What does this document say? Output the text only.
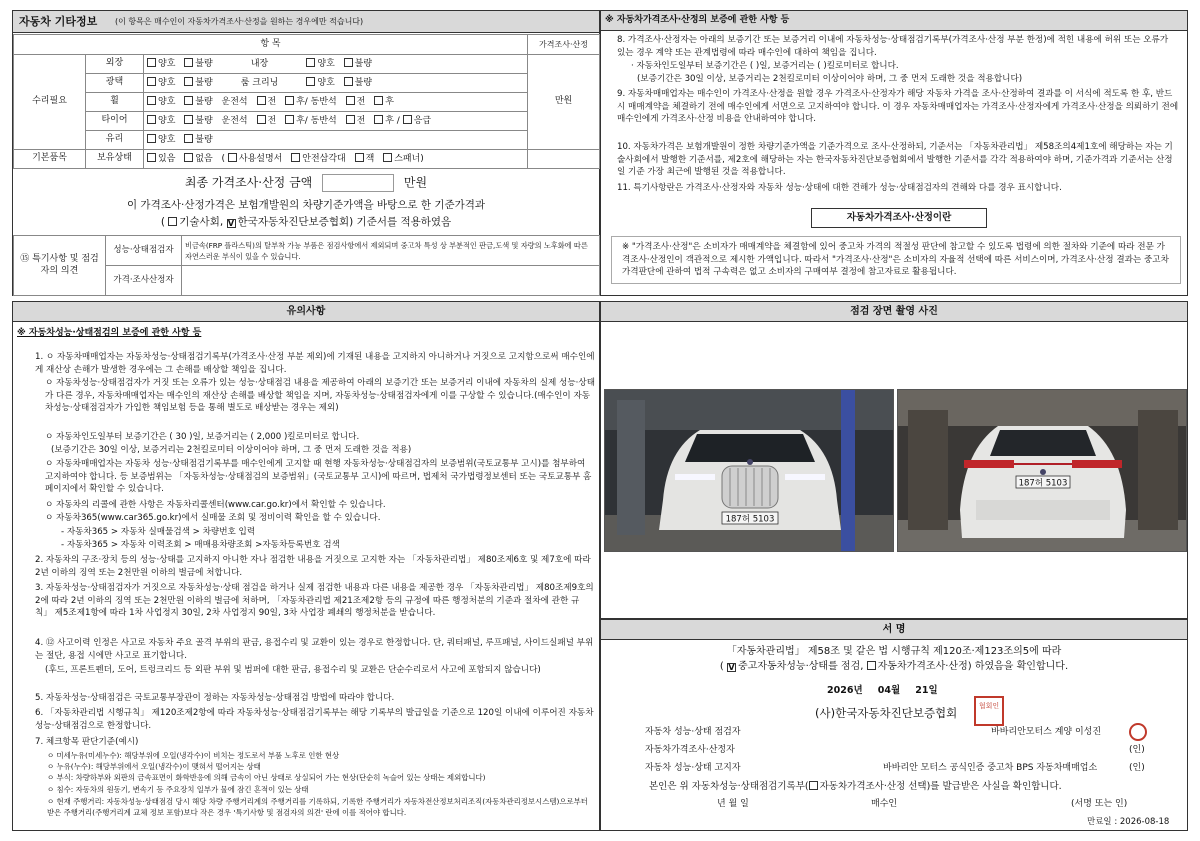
자동차 기타정보 (이 항목은 매수인이 자동차가격조사·산정을 원하는 경우에만 적습니다)
항 목			가격조사·산정
수리필요	외장	양호 불량 내장 양호 불량	만원
	광택	양호 불량 룸 크리닝 양호 불량	
	휠	양호 불량 운전석 전 후/ 동반석 전 후	
	타이어	양호 불량 운전석 전 후/ 동반석 전 후 / 응급	
	유리	양호 불량	
기본품목	보유상태	있음 없음 ( 사용설명서 안전삼각대 잭 스패너)	
최종 가격조사·산정 금액	만원
이 가격조사·산정가격은 보험개발원의 차량기준가액을 바탕으로 한 기준가격과
( 기술사회, V 한국자동차진단보증협회) 기준서를 적용하였음
⑮ 특기사항 및 점검자의 의견	성능·상태점검자	비금속(FRP 플라스틱)의 탈부착 가능 부품은 점검사항에서 제외되며 중고차 특성 상 부분적인 판금,도색 및 자량의 노후화에 따른 자연스러운 부식이 있을 수 있습니다.
	가격·조사산정자	
※ 자동차가격조사·산정의 보증에 관한 사항 등
8. 가격조사·산정자는 아래의 보증기간 또는 보증거리 이내에 자동차성능·상태점검기록부(가격조사·산정 부분 한정)에 적힌 내용에 허위 또는 오류가 있는 경우 계약 또는 관계법령에 따라 매수인에 대하여 책임을 집니다.
· 자동차인도일부터 보증기간은 ( )일, 보증거리는 ( )킬로미터로 합니다.
(보증기간은 30일 이상, 보증거리는 2천킬로미터 이상이어야 하며, 그 중 먼저 도래한 것을 적용합니다)
9. 자동차매매업자는 매수인이 가격조사·산정을 원할 경우 가격조사·산정자가 해당 자동차 가격을 조사·산정하여 결과를 이 서식에 적도록 한 후, 반드시 매매계약을 체결하기 전에 매수인에게 서면으로 고지하여야 합니다. 이 경우 자동차매매업자는 가격조사·산정자에게 가격조사·산정을 의뢰하기 전에 매수인에게 가격조사·산정 비용을 안내하여야 합니다.
10. 자동차가격은 보험개발원이 정한 차량기준가액을 기준가격으로 조사·산정하되, 기준서는 「자동차관리법」 제58조의4제1호에 해당하는 자는 기술사회에서 발행한 기준서를, 제2호에 해당하는 자는 한국자동차진단보증협회에서 발행한 기준서를 각각 적용하여야 하며, 기준가격과 기준서는 산정일 기준 가장 최근에 발행된 것을 적용합니다.
11. 특기사항란은 가격조사·산정자와 자동차 성능·상태에 대한 견해가 성능·상태점검자의 견해와 다를 경우 표시합니다.
자동차가격조사·산정이란
※ "가격조사·산정"은 소비자가 매매계약을 체결함에 있어 중고차 가격의 적절성 판단에 참고할 수 있도록 법령에 의한 절차와 기준에 따라 전문 가격조사·산정인이 객관적으로 제시한 가액입니다. 따라서 "가격조사·산정"은 소비자의 자율적 선택에 따른 서비스이며, 가격조사·산정 결과는 중고차 가격판단에 관하여 법적 구속력은 없고 소비자의 구매여부 결정에 참고자료로 활용됩니다.
유의사항
※ 자동차성능·상태점검의 보증에 관한 사항 등
1. ㅇ 자동차매매업자는 자동차성능·상태점검기록부(가격조사·산정 부분 제외)에 기재된 내용을 고지하지 아니하거나 거짓으로 고지함으로써 매수인에게 재산상 손해가 발생한 경우에는 그 손해를 배상할 책임을 집니다.
ㅇ 자동차성능·상태점검자가 거짓 또는 오류가 있는 성능·상태점검 내용을 제공하여 아래의 보증기간 또는 보증거리 이내에 자동차의 실제 성능·상태가 다른 경우, 자동차매매업자는 매수인의 재산상 손해를 배상할 책임을 지며, 자동차성능·상태점검자에게 이를 구상할 수 있습니다.(매수인이 자동차성능·상태점검자가 가입한 책임보험 등을 통해 별도로 배상받는 경우는 제외)
ㅇ 자동차인도일부터 보증기간은 ( 30 )일, 보증거리는 ( 2,000 )킬로미터로 합니다.
(보증기간은 30일 이상, 보증거리는 2천킬로미터 이상이어야 하며, 그 중 먼저 도래한 것을 적용)
ㅇ 자동차매매업자는 자동차 성능·상태점검기록부를 매수인에게 고지할 때 현행 자동차성능·상태점검자의 보증범위(국토교통부 고시)를 첨부하여 고지하여야 합니다. 등 보증범위는 「자동차성능·상태점검의 보증범위」(국토교통부 고시)에 따르며, 법제처 국가법령정보센터 또는 국토교통부 홈페이지에서 확인할 수 있습니다.
ㅇ 자동차의 리콜에 관한 사항은 자동차리콜센터(www.car.go.kr)에서 확인할 수 있습니다.
ㅇ 자동차365(www.car365.go.kr)에서 실매물 조회 및 정비이력 확인을 할 수 있습니다.
- 자동차365 > 자동차 실매물검색 > 차량번호 입력
- 자동차365 > 자동차 이력조회 > 매매용차량조회 >자동차등록번호 검색
2. 자동차의 구조·장치 등의 성능·상태를 고지하지 아니한 자나 점검한 내용을 거짓으로 고지한 자는 「자동차관리법」 제80조제6호 및 제7호에 따라 2년 이하의 징역 또는 2천만원 이하의 벌금에 처합니다.
3. 자동차성능·상태점검자가 거짓으로 자동차성능·상태 점검을 하거나 실제 점검한 내용과 다른 내용을 제공한 경우 「자동차관리법」 제80조제9호의2에 따라 2년 이하의 징역 또는 2천만원 이하의 벌금에 처하며, 「자동차관리법 제21조제2항 등의 규정에 따른 행정처분의 기준과 절차에 관한 규칙」 제5조제1항에 따라 1차 사업정지 30일, 2차 사업정지 90일, 3차 사업장 폐쇄의 행정처분을 받습니다.
4. ⑫ 사고이력 인정은 사고로 자동차 주요 골격 부위의 판금, 용접수리 및 교환이 있는 경우로 한정합니다. 단, 쿼터패널, 루프패널, 사이드실패널 부위는 절단, 용접 시에만 사고로 표기합니다.
(후드, 프론트펜더, 도어, 트렁크리드 등 외판 부위 및 범퍼에 대한 판금, 용접수리 및 교환은 단순수리로서 사고에 포함되지 않습니다)
5. 자동차성능·상태점검은 국토교통부장관이 정하는 자동차성능·상태점검 방법에 따라야 합니다.
6. 「자동차관리법 시행규칙」 제120조제2항에 따라 자동차성능·상태점검기록부는 해당 기록부의 발급일을 기준으로 120일 이내에 이루어진 자동차 성능·상태점검으로 한정합니다.
7. 체크항목 판단기준(예시)
ㅇ 미세누유(미세누수): 해당부위에 오일(냉각수)이 비치는 정도로서 부품 노후로 인한 현상
ㅇ 누유(누수): 해당부위에서 오일(냉각수)이 맺혀서 떨어지는 상태
ㅇ 부식: 차량하부와 외판의 금속표면이 화학반응에 의해 금속이 아닌 상태로 상실되어 가는 현상(단순히 녹슬어 있는 상태는 제외합니다)
ㅇ 침수: 자동차의 원동기, 변속기 등 주요장치 일부가 물에 잠긴 흔적이 있는 상태
ㅇ 현재 주행거리: 자동차성능·상태점검 당시 해당 차량 주행거리계의 주행거리를 기록하되, 기록한 주행거리가 자동차전산정보처리조직(자동차관리정보시스템)으로부터 받은 주행거리(주행거리계 교체 정보 포함)보다 작은 경우 '특기사항 및 점검자의 의견' 란에 이를 적어야 합니다.
점검 장면 촬영 사진
187허 5103
187허 5103
서 명
「자동차관리법」 제58조 및 같은 법 시행규칙 제120조·제123조의5에 따라
( V 중고자동차성능·상태를 점검, 자동차가격조사·산정) 하였음을 확인합니다.
2026년 04월 21일
(사)한국자동차진단보증협회	협회인
자동차 성능·상태 점검자	바바리안모터스 계양 이성진
자동차가격조사·산정자	(인)
자동차 성능·상태 고지자	바바리안 모터스 공식인증 중고차 BPS 자동차매매업소	(인)
본인은 위 자동차성능·상태점검기록부( 자동차가격조사·산정 선택)를 발급받은 사실을 확인합니다.
년 월 일	매수인	(서명 또는 인)
만료일 : 2026-08-18
